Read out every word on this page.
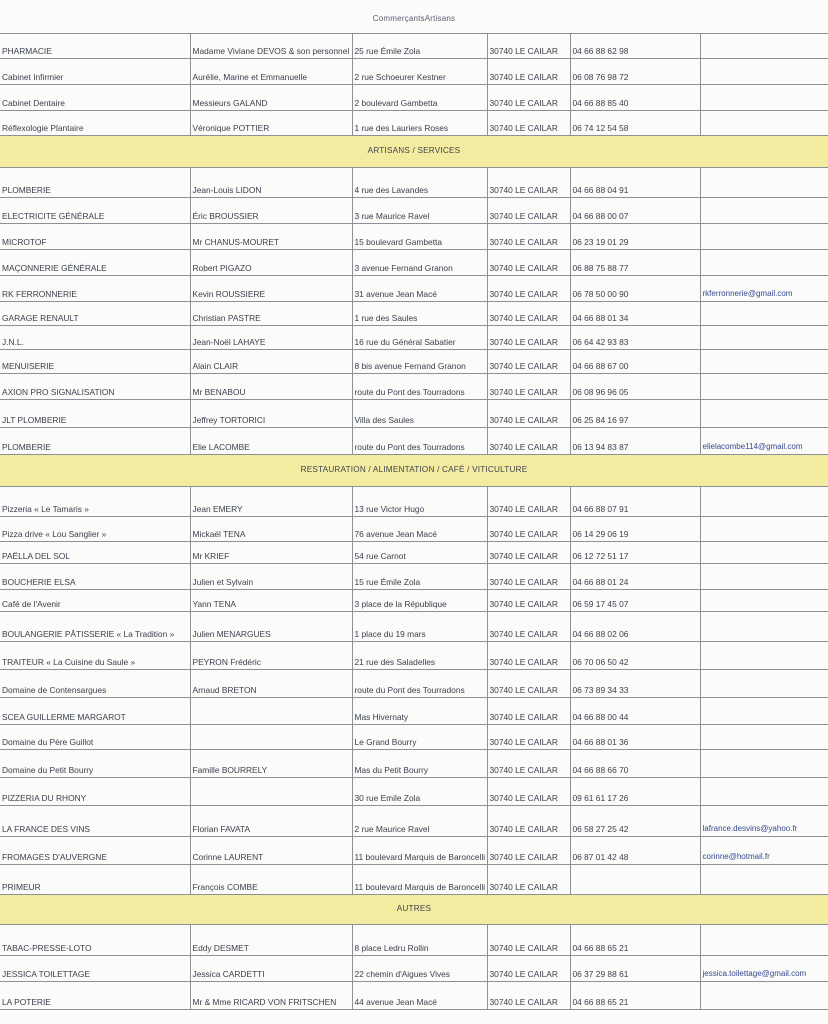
CommerçantsArtisans
PHARMACIE	Madame Viviane DEVOS & son personnel	25 rue Émile Zola	30740 LE CAILAR	04 66 88 62 98	
Cabinet Infirmier	Aurélie, Marine et Emmanuelle	2 rue Schoeurer Kestner	30740 LE CAILAR	06 08 76 98 72	
Cabinet Dentaire	Messieurs GALAND	2 boulevard Gambetta	30740 LE CAILAR	04 66 88 85 40	
Réflexologie Plantaire	Véronique POTTIER	1 rue des Lauriers Roses	30740 LE CAILAR	06 74 12 54 58	
ARTISANS / SERVICES					
PLOMBERIE	Jean-Louis LIDON	4 rue des Lavandes	30740 LE CAILAR	04 66 88 04 91	
ELECTRICITE GÉNÉRALE	Éric BROUSSIER	3 rue Maurice Ravel	30740 LE CAILAR	04 66 88 00 07	
MICROTOF	Mr CHANUS-MOURET	15 boulevard Gambetta	30740 LE CAILAR	06 23 19 01 29	
MAÇONNERIE GÉNÉRALE	Robert PIGAZO	3 avenue Fernand Granon	30740 LE CAILAR	06 88 75 88 77	
RK FERRONNERIE	Kevin ROUSSIERE	31 avenue Jean Macé	30740 LE CAILAR	06 78 50 00 90	rkferronnerie@gmail.com
GARAGE RENAULT	Christian PASTRE	1 rue des Saules	30740 LE CAILAR	04 66 88 01 34	
J.N.L.	Jean-Noël LAHAYE	16 rue du Général Sabatier	30740 LE CAILAR	06 64 42 93 83	
MENUISERIE	Alain CLAIR	8 bis avenue Fernand Granon	30740 LE CAILAR	04 66 88 67 00	
AXION PRO SIGNALISATION	Mr BENABOU	route du Pont des Tourradons	30740 LE CAILAR	06 08 96 96 05	
JLT PLOMBERIE	Jeffrey TORTORICI	Villa des Saules	30740 LE CAILAR	06 25 84 16 97	
PLOMBERIE	Elie LACOMBE	route du Pont des Tourradons	30740 LE CAILAR	06 13 94 83 87	elielacombe114@gmail.com
RESTAURATION / ALIMENTATION / CAFÉ / VITICULTURE					
Pizzeria « Le Tamaris »	Jean EMERY	13 rue Victor Hugo	30740 LE CAILAR	04 66 88 07 91	
Pizza drive « Lou Sanglier »	Mickaël TENA	76 avenue Jean Macé	30740 LE CAILAR	06 14 29 06 19	
PAËLLA DEL SOL	Mr KRIEF	54 rue Carnot	30740 LE CAILAR	06 12 72 51 17	
BOUCHERIE ELSA	Julien et Sylvain	15 rue Émile Zola	30740 LE CAILAR	04 66 88 01 24	
Café de l'Avenir	Yann TENA	3 place de la République	30740 LE CAILAR	06 59 17 45 07	
BOULANGERIE PÂTISSERIE « La Tradition »	Julien MENARGUES	1 place du 19 mars	30740 LE CAILAR	04 66 88 02 06	
TRAITEUR « La Cuisine du Saule »	PEYRON Frédéric	21 rue des Saladelles	30740 LE CAILAR	06 70 06 50 42	
Domaine de Contensargues	Arnaud BRETON	route du Pont des Tourradons	30740 LE CAILAR	06 73 89 34 33	
SCEA GUILLERME MARGAROT		Mas Hivernaty	30740 LE CAILAR	04 66 88 00 44	
Domaine du Père Guillot		Le Grand Bourry	30740 LE CAILAR	04 66 88 01 36	
Domaine du Petit Bourry	Famille BOURRELY	Mas du Petit Bourry	30740 LE CAILAR	04 66 88 66 70	
PIZZERIA DU RHONY		30 rue Emile Zola	30740 LE CAILAR	09 61 61 17 26	
LA FRANCE DES VINS	Florian FAVATA	2 rue Maurice Ravel	30740 LE CAILAR	06 58 27 25 42	lafrance.desvins@yahoo.fr
FROMAGES D'AUVERGNE	Corinne LAURENT	11 boulevard Marquis de Baroncelli	30740 LE CAILAR	06 87 01 42 48	corinne@hotmail.fr
PRIMEUR	François COMBE	11 boulevard Marquis de Baroncelli	30740 LE CAILAR		
AUTRES					
TABAC-PRESSE-LOTO	Eddy DESMET	8 place Ledru Rollin	30740 LE CAILAR	04 66 88 65 21	
JESSICA TOILETTAGE	Jessica CARDETTI	22 chemin d'Aigues Vives	30740 LE CAILAR	06 37 29 88 61	jessica.toilettage@gmail.com
LA POTERIE	Mr & Mme RICARD VON FRITSCHEN	44 avenue Jean Macé	30740 LE CAILAR	04 66 88 65 21	
